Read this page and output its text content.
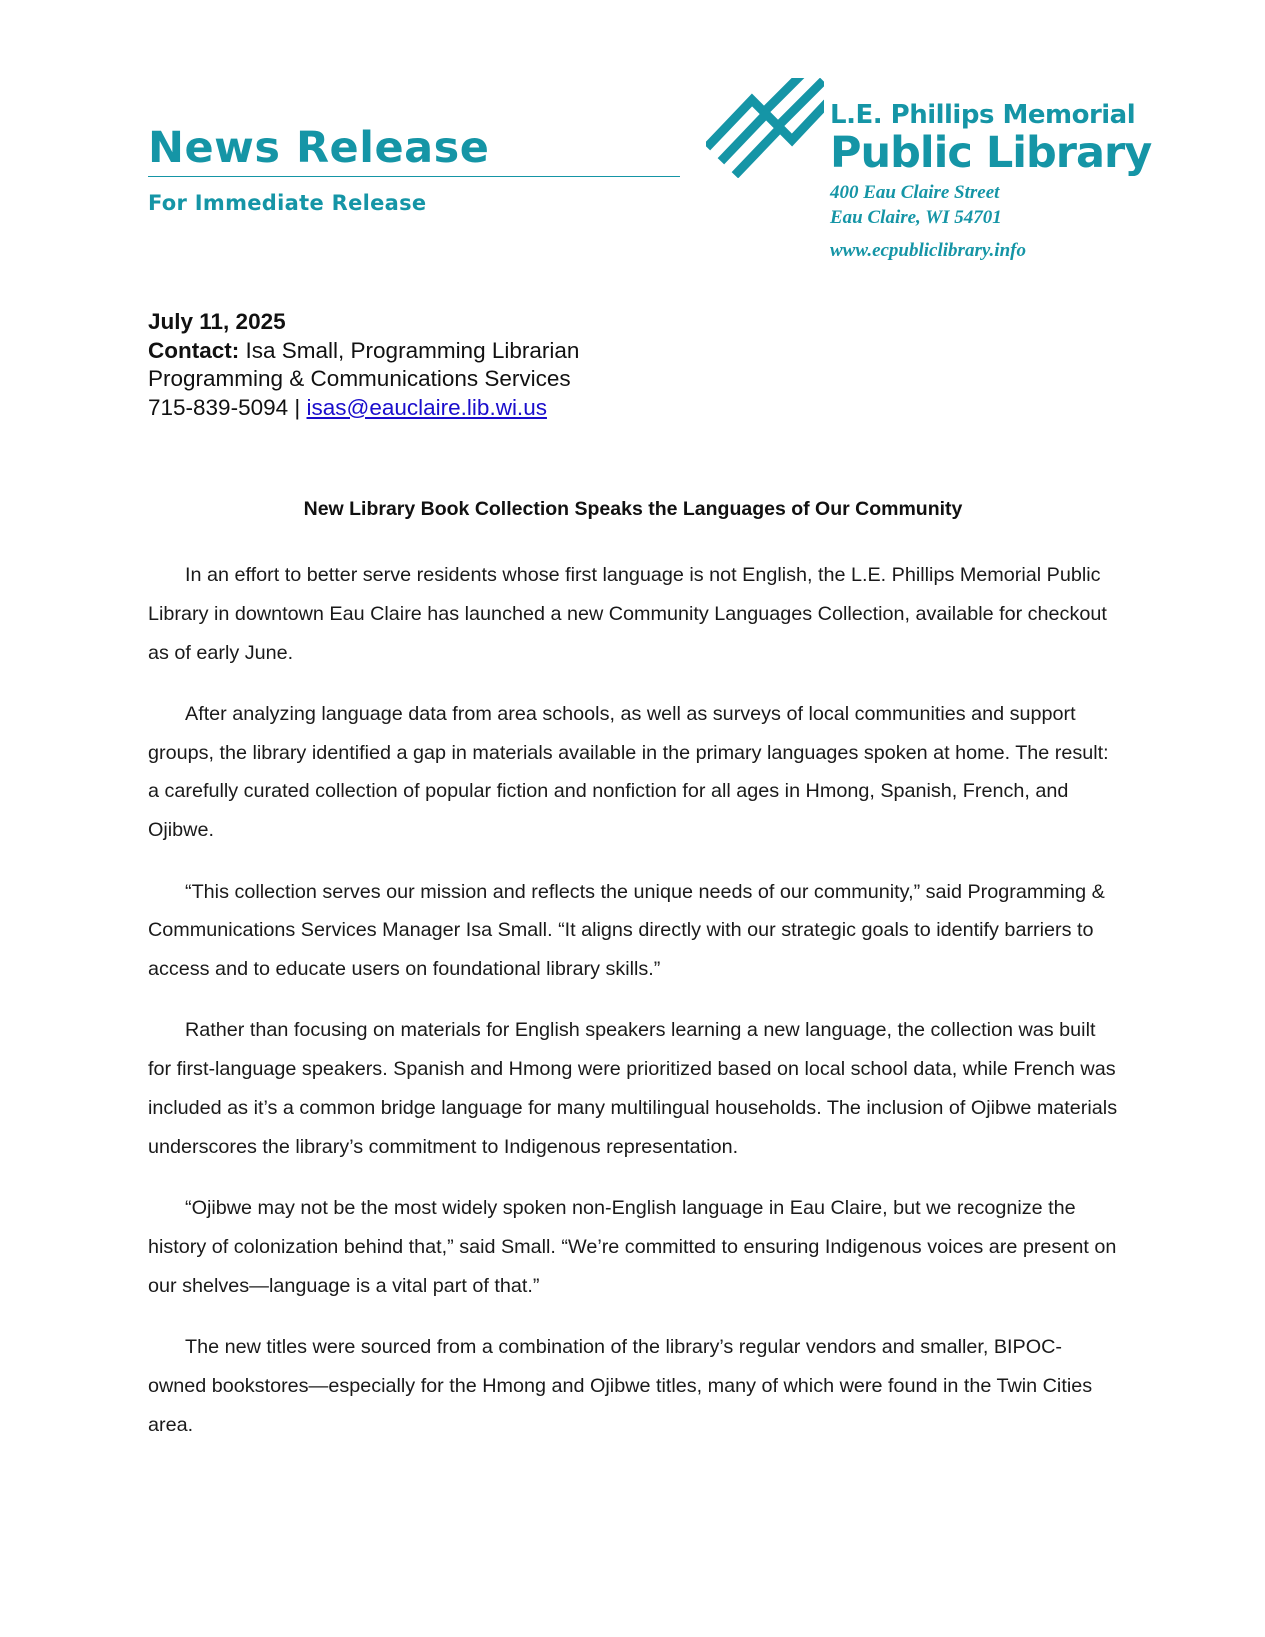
News Release
For Immediate Release
L.E. Phillips Memorial
Public Library
400 Eau Claire Street
Eau Claire, WI 54701
www.ecpubliclibrary.info
July 11, 2025
Contact: Isa Small, Programming Librarian
Programming & Communications Services
715-839-5094 | isas@eauclaire.lib.wi.us
New Library Book Collection Speaks the Languages of Our Community

In an effort to better serve residents whose first language is not English, the L.E. Phillips Memorial Public Library in downtown Eau Claire has launched a new Community Languages Collection, available for checkout as of early June.

After analyzing language data from area schools, as well as surveys of local communities and support groups, the library identified a gap in materials available in the primary languages spoken at home. The result: a carefully curated collection of popular fiction and nonfiction for all ages in Hmong, Spanish, French, and Ojibwe.

“This collection serves our mission and reflects the unique needs of our community,” said Programming & Communications Services Manager Isa Small. “It aligns directly with our strategic goals to identify barriers to access and to educate users on foundational library skills.”

Rather than focusing on materials for English speakers learning a new language, the collection was built for first-language speakers. Spanish and Hmong were prioritized based on local school data, while French was included as it’s a common bridge language for many multilingual households. The inclusion of Ojibwe materials underscores the library’s commitment to Indigenous representation.

“Ojibwe may not be the most widely spoken non-English language in Eau Claire, but we recognize the history of colonization behind that,” said Small. “We’re committed to ensuring Indigenous voices are present on our shelves—language is a vital part of that.”

The new titles were sourced from a combination of the library’s regular vendors and smaller, BIPOC-owned bookstores—especially for the Hmong and Ojibwe titles, many of which were found in the Twin Cities area.
